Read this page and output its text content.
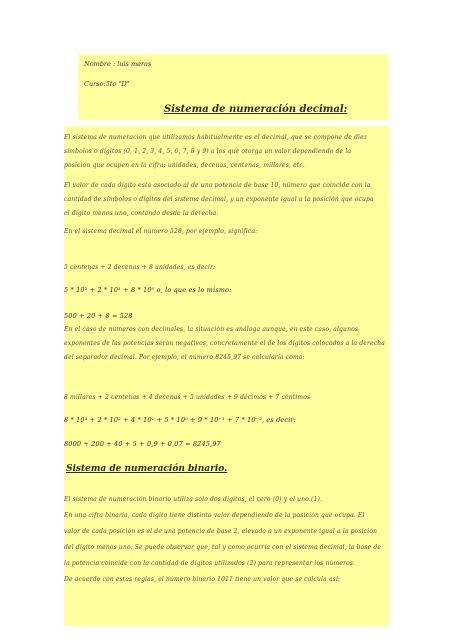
Nombre : luis meras
Curso:5to "D"
Sistema de numeración decimal:
El sistema de numeración que utilizamos habitualmente es el decimal, que se compone de diez
símbolos o dígitos (0, 1, 2, 3, 4, 5, 6, 7, 8 y 9) a los que otorga un valor dependiendo de la
posición que ocupen en la cifra: unidades, decenas, centenas, millares, etc.
El valor de cada dígito está asociado al de una potencia de base 10, número que coincide con la
cantidad de símbolos o dígitos del sistema decimal, y un exponente igual a la posición que ocupa
el dígito menos uno, contando desde la derecha.
En el sistema decimal el número 528, por ejemplo, significa:
5 centenas + 2 decenas + 8 unidades, es decir:
5 * 10² + 2 * 10¹ + 8 * 10⁰ o, lo que es lo mismo:
500 + 20 + 8 = 528
En el caso de números con decimales, la situación es análoga aunque, en este caso, algunos
exponentes de las potencias serán negativos, concretamente el de los dígitos colocados a la derecha
del separador decimal. Por ejemplo, el número 8245,97 se calcularía como:
8 millares + 2 centenas + 4 decenas + 5 unidades + 9 décimos + 7 céntimos
8 * 10³ + 2 * 10² + 4 * 10¹ + 5 * 10⁰ + 9 * 10⁻¹ + 7 * 10⁻², es decir:
8000 + 200 + 40 + 5 + 0,9 + 0,07 = 8245,97
Sistema de numeración binario.
El sistema de numeración binario utiliza sólo dos dígitos, el cero (0) y el uno (1).
En una cifra binaria, cada dígito tiene distinto valor dependiendo de la posición que ocupa. El
valor de cada posición es el de una potencia de base 2, elevada a un exponente igual a la posición
del dígito menos uno. Se puede observar que, tal y como ocurría con el sistema decimal, la base de
la potencia coincide con la cantidad de dígitos utilizados (2) para representar los números.
De acuerdo con estas reglas, el número binario 1011 tiene un valor que se calcula así:
